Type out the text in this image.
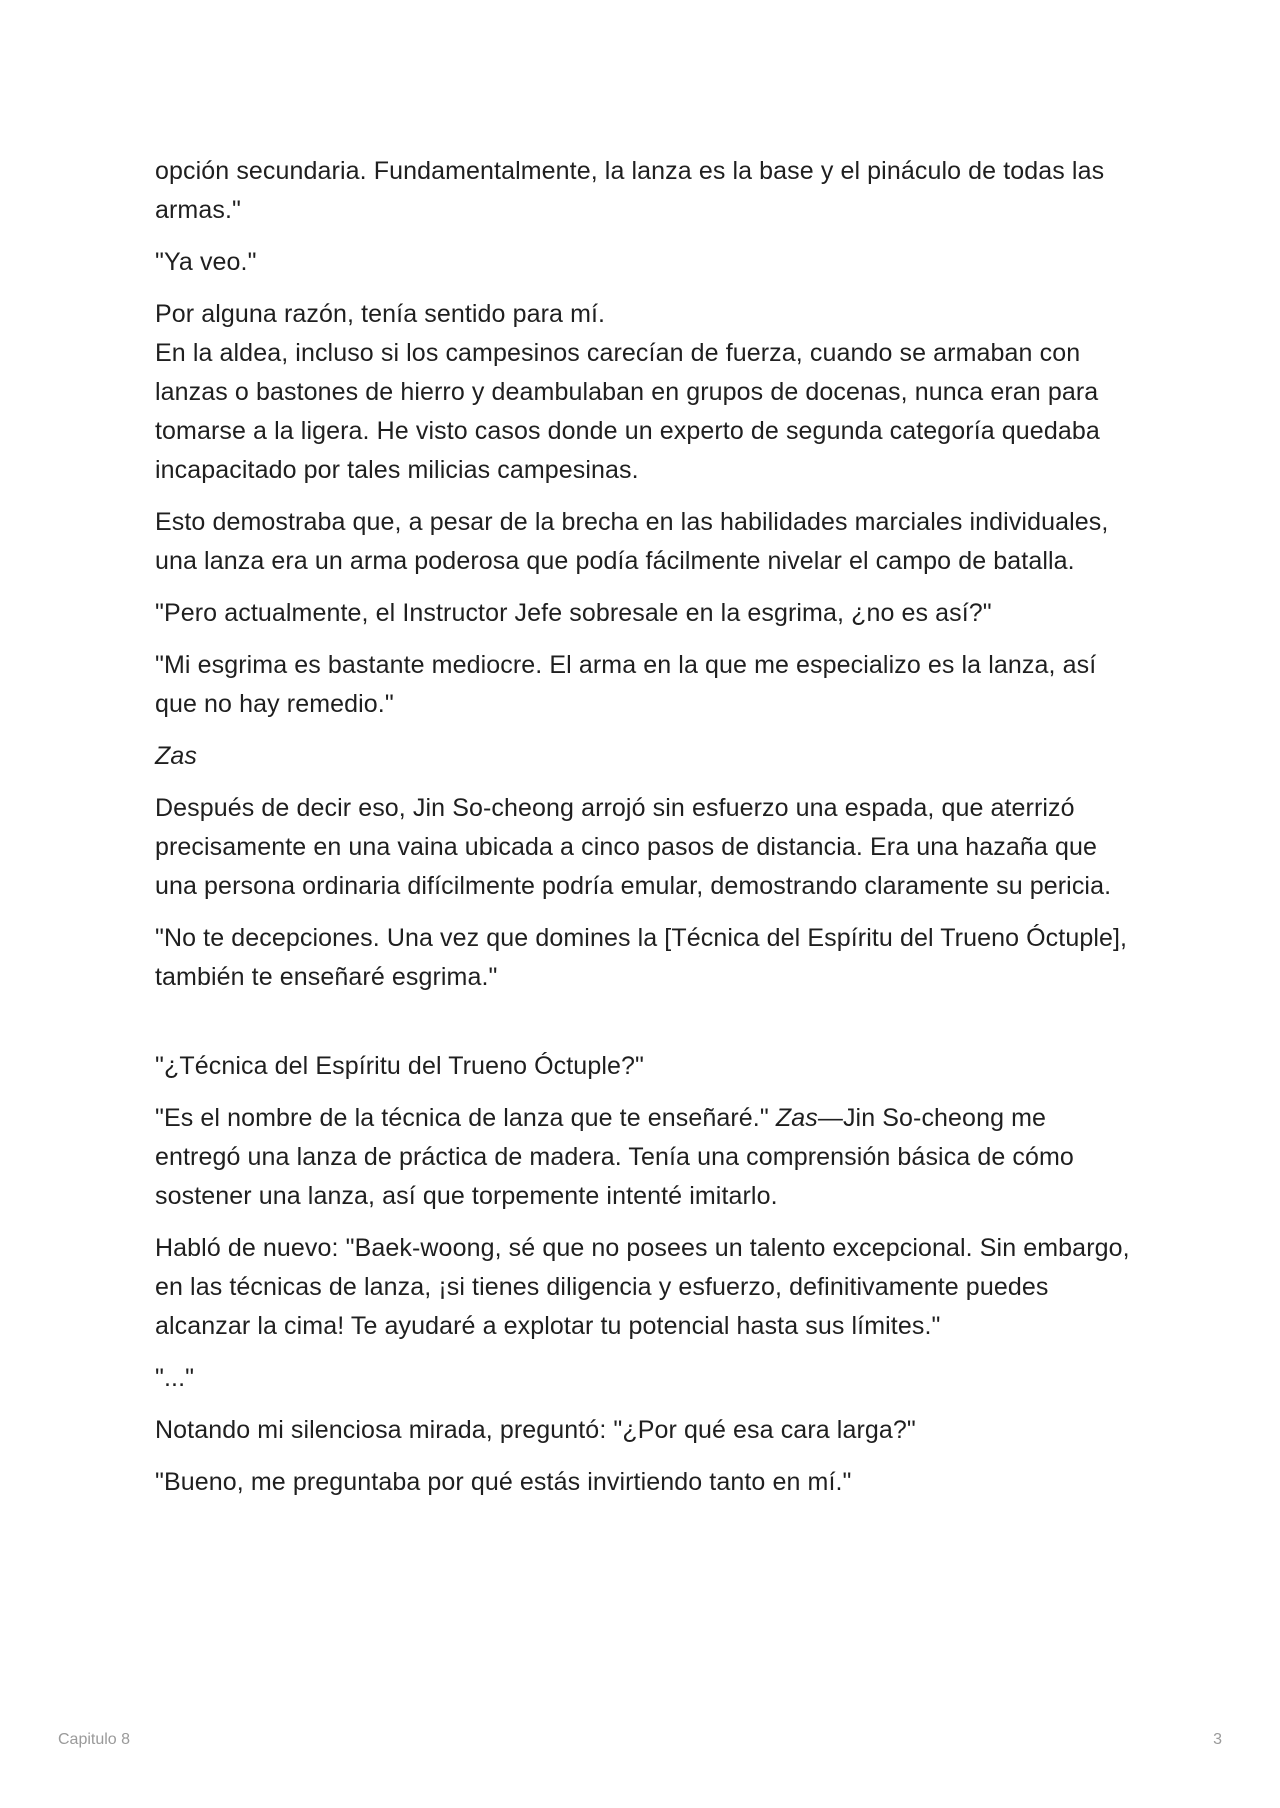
opción secundaria. Fundamentalmente, la lanza es la base y el pináculo de todas las armas."

"Ya veo."

Por alguna razón, tenía sentido para mí.
En la aldea, incluso si los campesinos carecían de fuerza, cuando se armaban con lanzas o bastones de hierro y deambulaban en grupos de docenas, nunca eran para tomarse a la ligera. He visto casos donde un experto de segunda categoría quedaba incapacitado por tales milicias campesinas.

Esto demostraba que, a pesar de la brecha en las habilidades marciales individuales, una lanza era un arma poderosa que podía fácilmente nivelar el campo de batalla.

"Pero actualmente, el Instructor Jefe sobresale en la esgrima, ¿no es así?"

"Mi esgrima es bastante mediocre. El arma en la que me especializo es la lanza, así que no hay remedio."

Zas

Después de decir eso, Jin So-cheong arrojó sin esfuerzo una espada, que aterrizó precisamente en una vaina ubicada a cinco pasos de distancia. Era una hazaña que una persona ordinaria difícilmente podría emular, demostrando claramente su pericia.

"No te decepciones. Una vez que domines la [Técnica del Espíritu del Trueno Óctuple], también te enseñaré esgrima."

"¿Técnica del Espíritu del Trueno Óctuple?"

"Es el nombre de la técnica de lanza que te enseñaré." Zas—Jin So-cheong me entregó una lanza de práctica de madera. Tenía una comprensión básica de cómo sostener una lanza, así que torpemente intenté imitarlo.

Habló de nuevo: "Baek-woong, sé que no posees un talento excepcional. Sin embargo, en las técnicas de lanza, ¡si tienes diligencia y esfuerzo, definitivamente puedes alcanzar la cima! Te ayudaré a explotar tu potencial hasta sus límites."

"..."

Notando mi silenciosa mirada, preguntó: "¿Por qué esa cara larga?"

"Bueno, me preguntaba por qué estás invirtiendo tanto en mí."

Capitulo 8	3
